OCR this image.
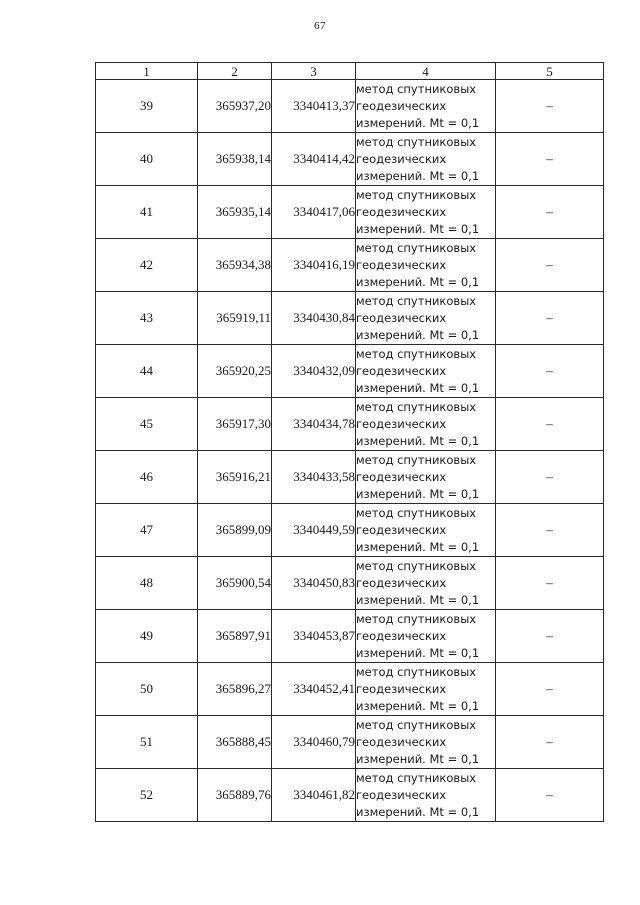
67
1	2	3	4	5
39	365937,20	3340413,37	метод спутниковых
геодезических
измерений. Mt = 0,1	–
40	365938,14	3340414,42	метод спутниковых
геодезических
измерений. Mt = 0,1	–
41	365935,14	3340417,06	метод спутниковых
геодезических
измерений. Mt = 0,1	–
42	365934,38	3340416,19	метод спутниковых
геодезических
измерений. Mt = 0,1	–
43	365919,11	3340430,84	метод спутниковых
геодезических
измерений. Mt = 0,1	–
44	365920,25	3340432,09	метод спутниковых
геодезических
измерений. Mt = 0,1	–
45	365917,30	3340434,78	метод спутниковых
геодезических
измерений. Mt = 0,1	–
46	365916,21	3340433,58	метод спутниковых
геодезических
измерений. Mt = 0,1	–
47	365899,09	3340449,59	метод спутниковых
геодезических
измерений. Mt = 0,1	–
48	365900,54	3340450,83	метод спутниковых
геодезических
измерений. Mt = 0,1	–
49	365897,91	3340453,87	метод спутниковых
геодезических
измерений. Mt = 0,1	–
50	365896,27	3340452,41	метод спутниковых
геодезических
измерений. Mt = 0,1	–
51	365888,45	3340460,79	метод спутниковых
геодезических
измерений. Mt = 0,1	–
52	365889,76	3340461,82	метод спутниковых
геодезических
измерений. Mt = 0,1	–
